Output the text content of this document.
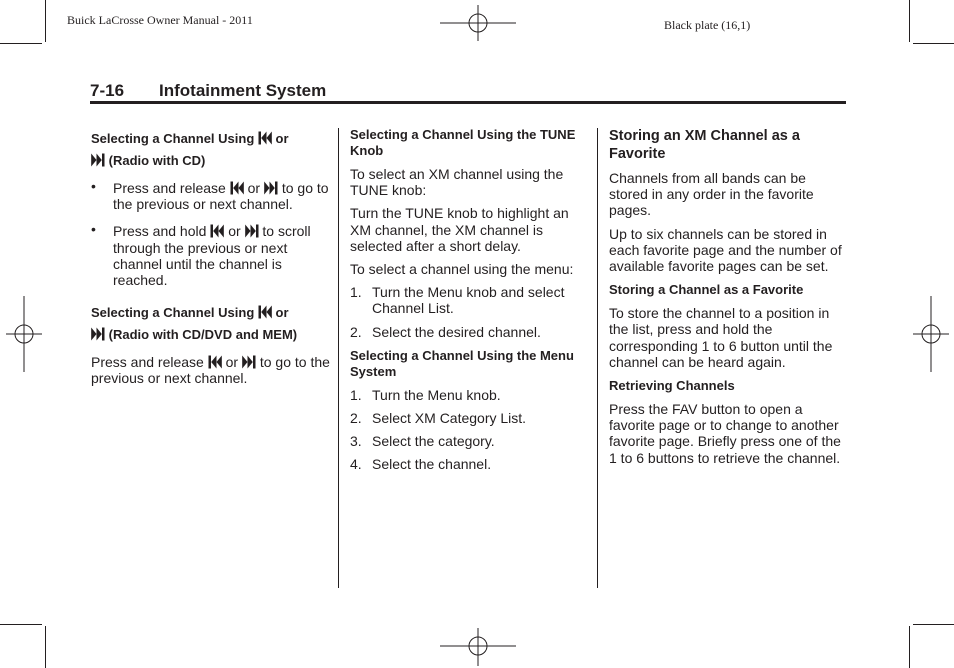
Buick LaCrosse Owner Manual - 2011	Black plate (16,1)
7-16 Infotainment System
Selecting a Channel Using or
(Radio with CD)
• Press and release or to go to the previous or next channel.
• Press and hold or to scroll through the previous or next channel until the channel is reached.
Selecting a Channel Using or
(Radio with CD/DVD and MEM)

Press and release or to go to the previous or next channel.

Selecting a Channel Using the TUNE Knob

To select an XM channel using the TUNE knob:

Turn the TUNE knob to highlight an XM channel, the XM channel is selected after a short delay.

To select a channel using the menu:

1. Turn the Menu knob and select Channel List.
2. Select the desired channel.
Selecting a Channel Using the Menu System
1. Turn the Menu knob.
2. Select XM Category List.
3. Select the category.
4. Select the channel.
Storing an XM Channel as a Favorite

Channels from all bands can be stored in any order in the favorite pages.

Up to six channels can be stored in each favorite page and the number of available favorite pages can be set.

Storing a Channel as a Favorite

To store the channel to a position in the list, press and hold the corresponding 1 to 6 button until the channel can be heard again.

Retrieving Channels

Press the FAV button to open a favorite page or to change to another favorite page. Briefly press one of the 1 to 6 buttons to retrieve the channel.
